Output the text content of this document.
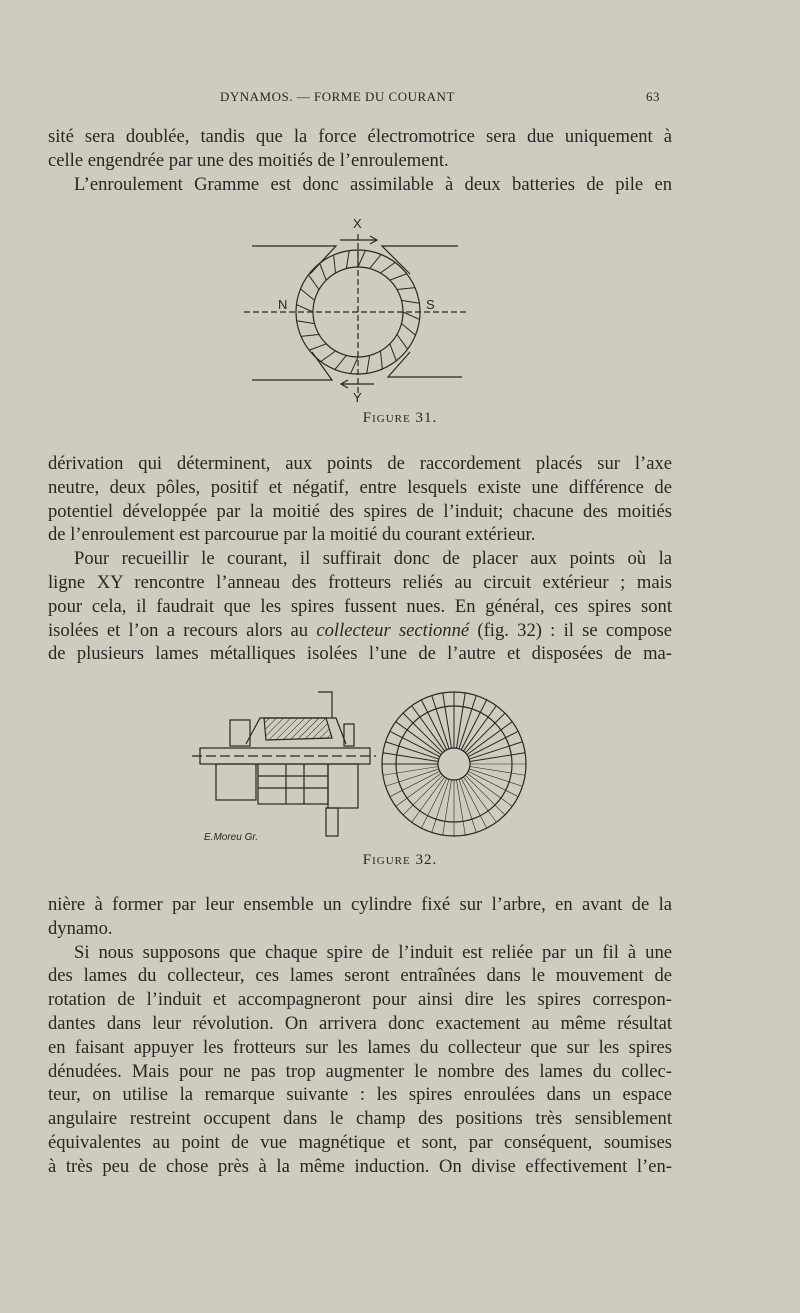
DYNAMOS. — FORME DU COURANT	63
sité sera doublée, tandis que la force électromotrice sera due uniquement à
celle engendrée par une des moitiés de l’enroulement.
L’enroulement Gramme est donc assimilable à deux batteries de pile en
X
Y
N	S
Figure 31.
dérivation qui déterminent, aux points de raccordement placés sur l’axe
neutre, deux pôles, positif et négatif, entre lesquels existe une différence de
potentiel développée par la moitié des spires de l’induit; chacune des moitiés
de l’enroulement est parcourue par la moitié du courant extérieur.
Pour recueillir le courant, il suffirait donc de placer aux points où la
ligne XY rencontre l’anneau des frotteurs reliés au circuit extérieur ; mais
pour cela, il faudrait que les spires fussent nues. En général, ces spires sont
isolées et l’on a recours alors au collecteur sectionné (fig. 32) : il se compose
de plusieurs lames métalliques isolées l’une de l’autre et disposées de ma-
E.Moreu Gr.
Figure 32.
nière à former par leur ensemble un cylindre fixé sur l’arbre, en avant de la
dynamo.
Si nous supposons que chaque spire de l’induit est reliée par un fil à une
des lames du collecteur, ces lames seront entraînées dans le mouvement de
rotation de l’induit et accompagneront pour ainsi dire les spires correspon-
dantes dans leur révolution. On arrivera donc exactement au même résultat
en faisant appuyer les frotteurs sur les lames du collecteur que sur les spires
dénudées. Mais pour ne pas trop augmenter le nombre des lames du collec-
teur, on utilise la remarque suivante : les spires enroulées dans un espace
angulaire restreint occupent dans le champ des positions très sensiblement
équivalentes au point de vue magnétique et sont, par conséquent, soumises
à très peu de chose près à la même induction. On divise effectivement l’en-
